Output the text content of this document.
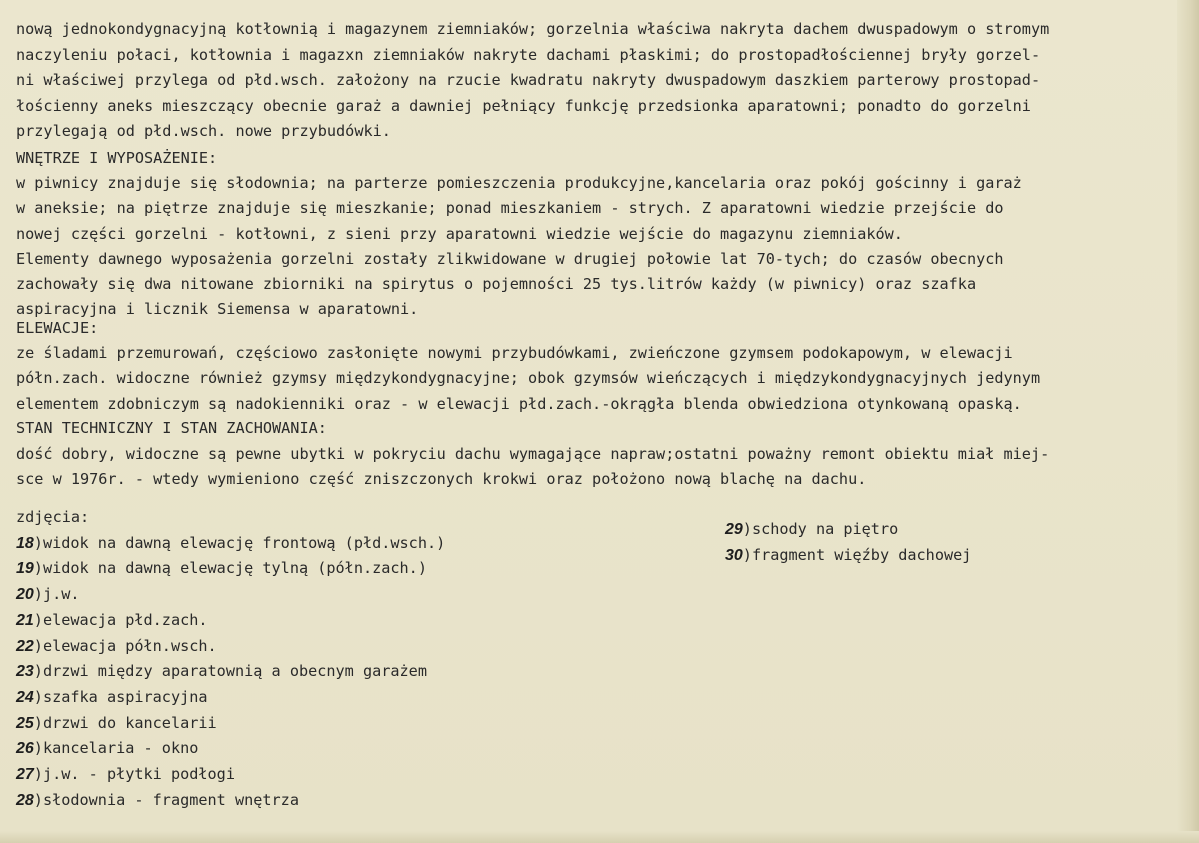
nową jednokondygnacyjną kotłownią i magazynem ziemniaków; gorzelnia właściwa nakryta dachem dwuspadowym o stromym
naczyleniu połaci, kotłownia i magazxn ziemniaków nakryte dachami płaskimi; do prostopadłościennej bryły gorzel-
ni właściwej przylega od płd.wsch. założony na rzucie kwadratu nakryty dwuspadowym daszkiem parterowy prostopad-
łościenny aneks mieszczący obecnie garaż a dawniej pełniący funkcję przedsionka aparatowni; ponadto do gorzelni
przylegają od płd.wsch. nowe przybudówki.
WNĘTRZE I WYPOSAŻENIE:
w piwnicy znajduje się słodownia; na parterze pomieszczenia produkcyjne,kancelaria oraz pokój gościnny i garaż
w aneksie; na piętrze znajduje się mieszkanie; ponad mieszkaniem - strych. Z aparatowni wiedzie przejście do
nowej części gorzelni - kotłowni, z sieni przy aparatowni wiedzie wejście do magazynu ziemniaków.
Elementy dawnego wyposażenia gorzelni zostały zlikwidowane w drugiej połowie lat 70-tych; do czasów obecnych
zachowały się dwa nitowane zbiorniki na spirytus o pojemności 25 tys.litrów każdy (w piwnicy) oraz szafka
aspiracyjna i licznik Siemensa w aparatowni.
ELEWACJE:
ze śladami przemurowań, częściowo zasłonięte nowymi przybudówkami, zwieńczone gzymsem podokapowym, w elewacji
półn.zach. widoczne również gzymsy międzykondygnacyjne; obok gzymsów wieńczących i międzykondygnacyjnych jedynym
elementem zdobniczym są nadokienniki oraz - w elewacji płd.zach.-okrągła blenda obwiedziona otynkowaną opaską.
STAN TECHNICZNY I STAN ZACHOWANIA:
dość dobry, widoczne są pewne ubytki w pokryciu dachu wymagające napraw;ostatni poważny remont obiektu miał miej-
sce w 1976r. - wtedy wymieniono część zniszczonych krokwi oraz położono nową blachę na dachu.
zdjęcia:
18)widok na dawną elewację frontową (płd.wsch.)
19)widok na dawną elewację tylną (półn.zach.)
20)j.w.
21)elewacja płd.zach.
22)elewacja półn.wsch.
23)drzwi między aparatownią a obecnym garażem
24)szafka aspiracyjna
25)drzwi do kancelarii
26)kancelaria - okno
27)j.w. - płytki podłogi
28)słodownia - fragment wnętrza
29)schody na piętro
30)fragment więźby dachowej
